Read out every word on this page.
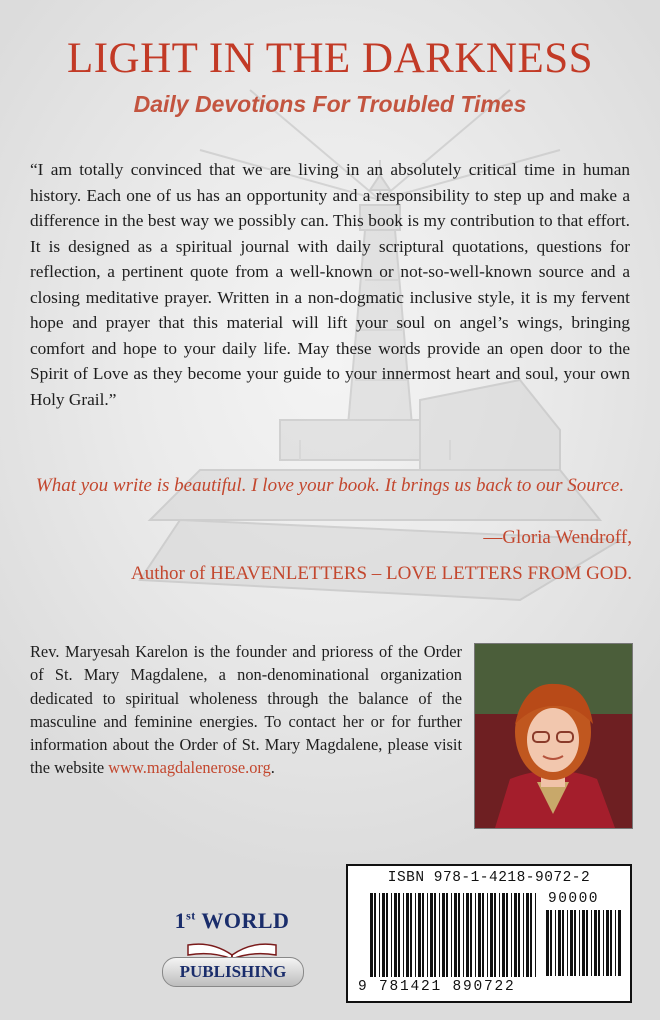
LIGHT IN THE DARKNESS
Daily Devotions For Troubled Times

“I am totally convinced that we are living in an absolutely critical time in human history. Each one of us has an opportunity and a responsibility to step up and make a difference in the best way we possibly can. This book is my contribution to that effort. It is designed as a spiritual journal with daily scriptural quotations, questions for reflection, a pertinent quote from a well-known or not-so-well-known source and a closing meditative prayer. Written in a non-dogmatic inclusive style, it is my fervent hope and prayer that this material will lift your soul on angel’s wings, bringing comfort and hope to your daily life. May these words provide an open door to the Spirit of Love as they become your guide to your innermost heart and soul, your own Holy Grail.”

What you write is beautiful. I love your book. It brings us back to our Source.

—Gloria Wendroff,

Author of HEAVENLETTERS – LOVE LETTERS FROM GOD.

Rev. Maryesah Karelon is the founder and prioress of the Order of St. Mary Magdalene, a non-denominational organization dedicated to spiritual wholeness through the balance of the masculine and feminine energies. To contact her or for further information about the Order of St. Mary Magdalene, please visit the website www.magdalenerose.org.

1st WORLD
PUBLISHING
ISBN 978-1-4218-9072-2
90000
9 781421 890722
